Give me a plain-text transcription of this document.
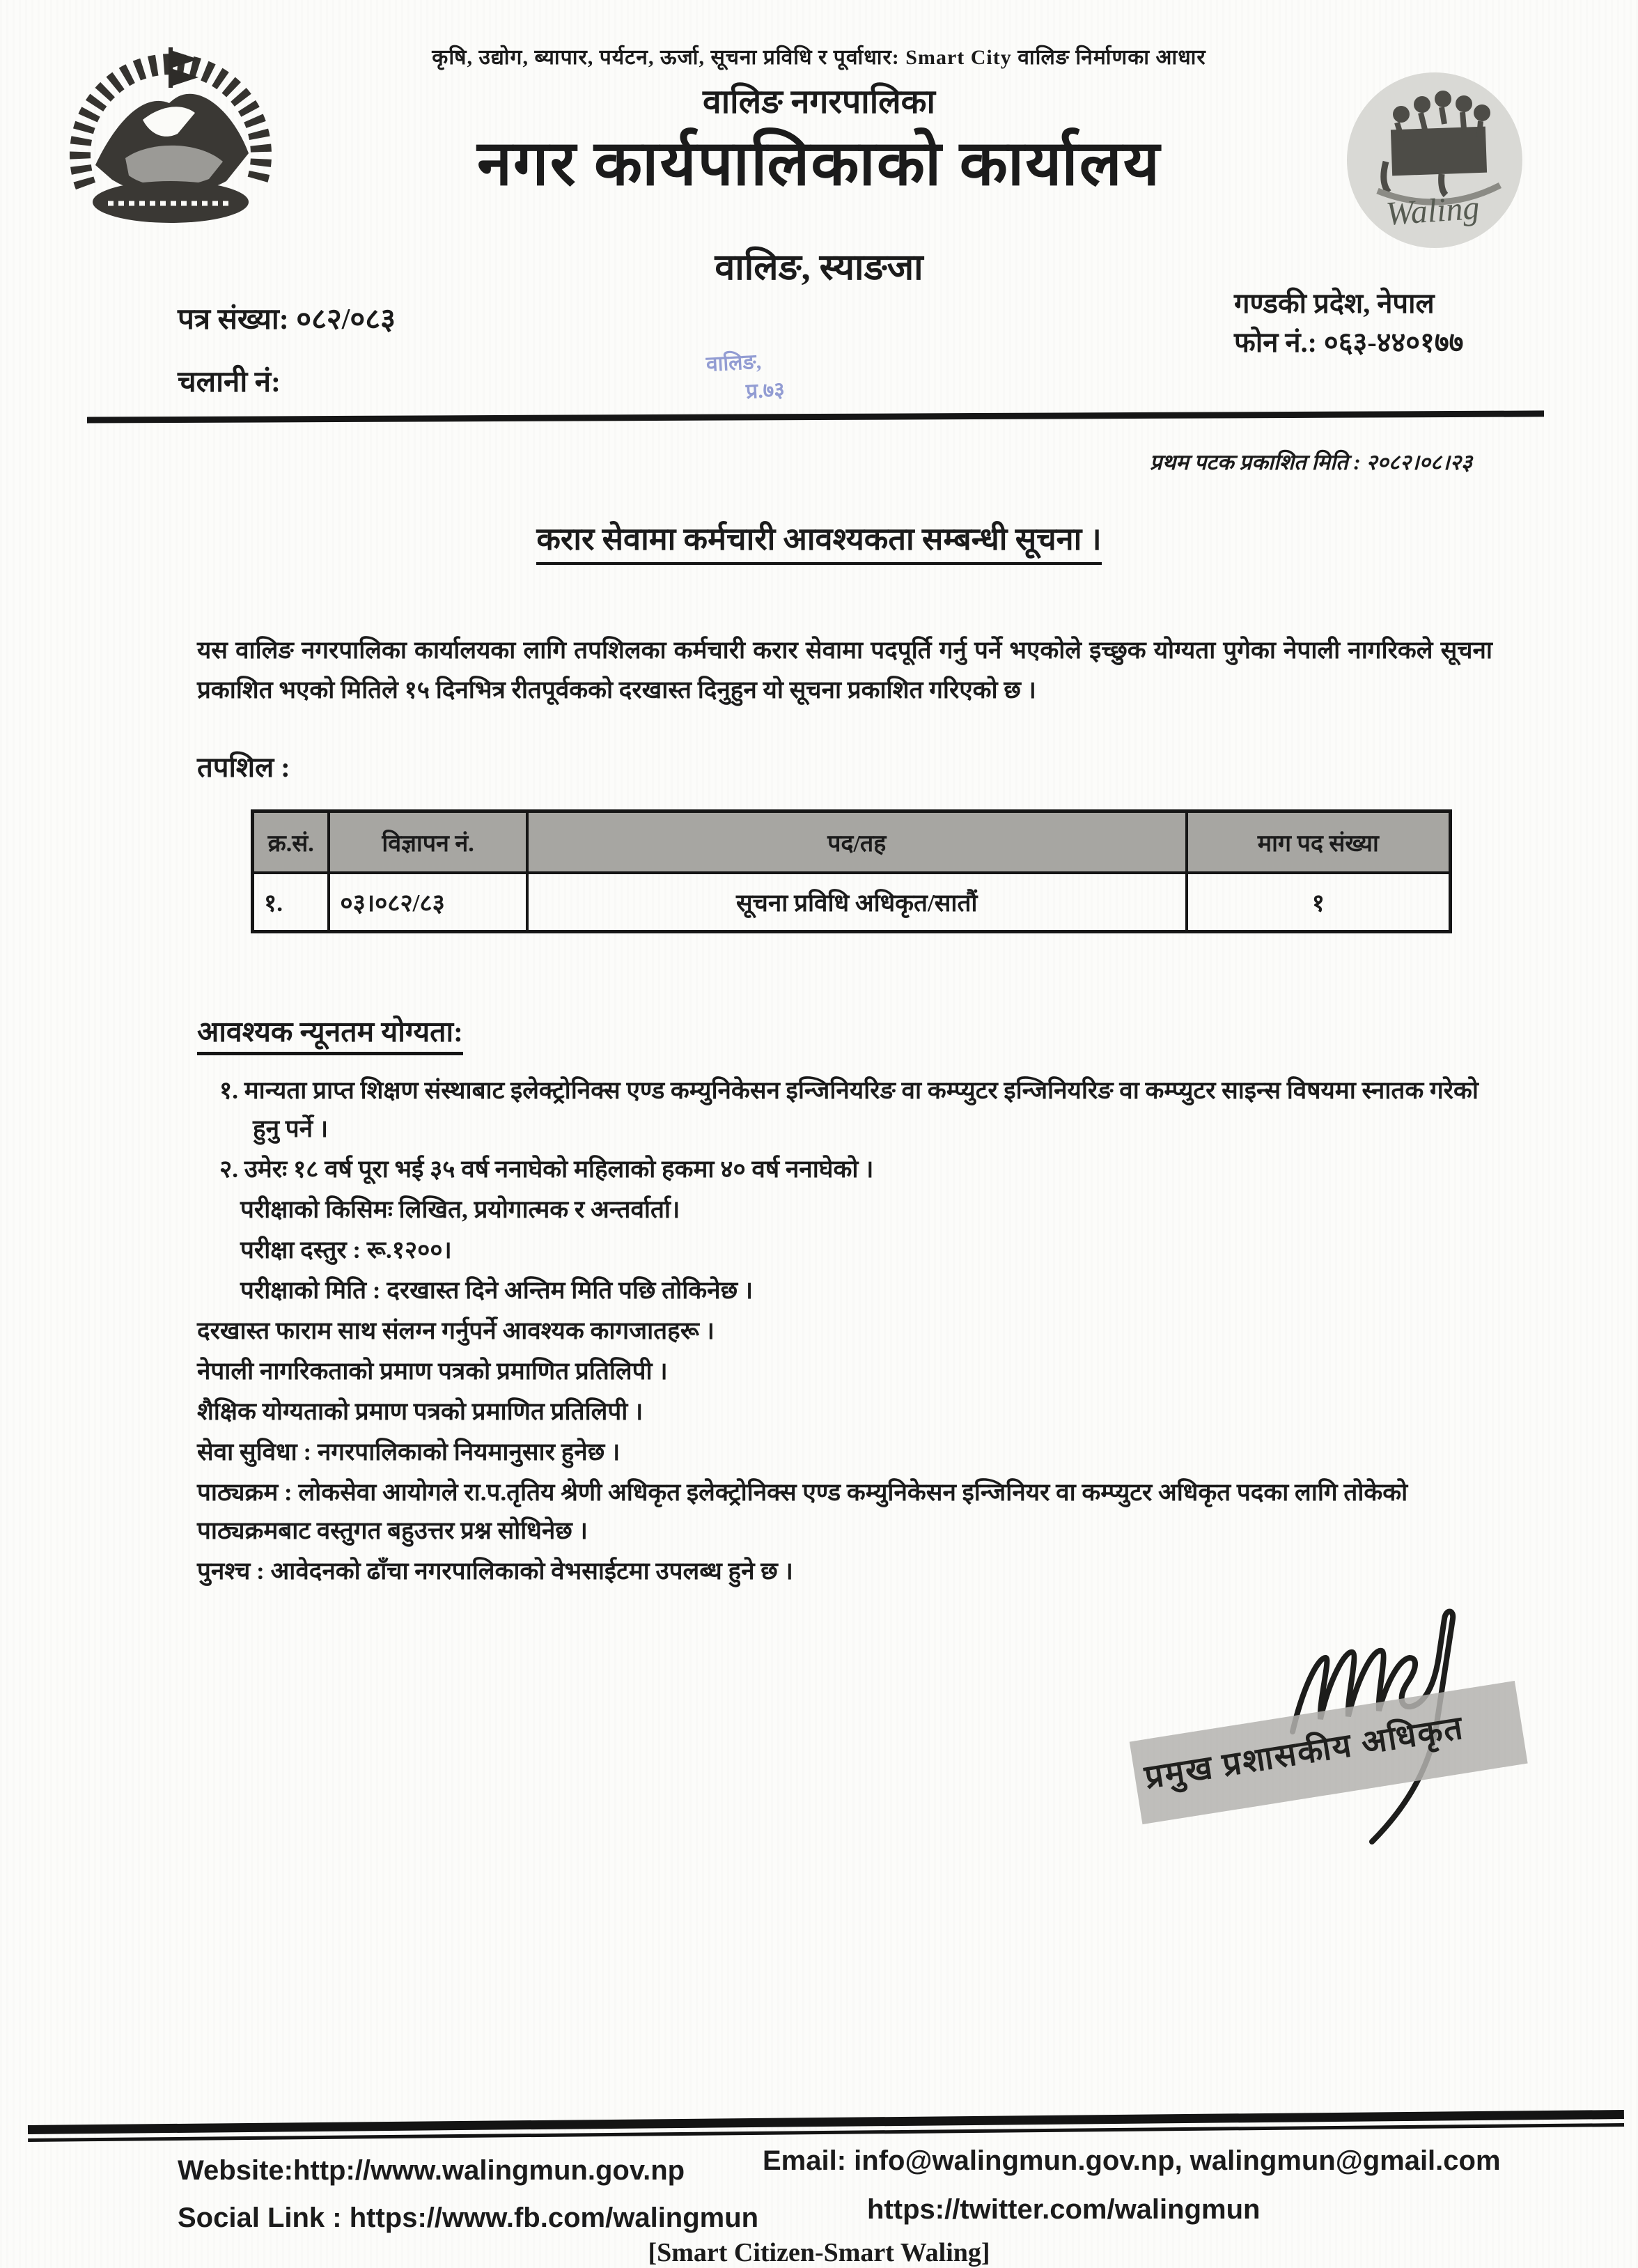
Waling
कृषि, उद्योग, ब्यापार, पर्यटन, ऊर्जा, सूचना प्रविधि र पूर्वाधार: Smart City वालिङ निर्माणका आधार
वालिङ नगरपालिका
नगर कार्यपालिकाको कार्यालय
वालिङ, स्याङजा
पत्र संख्या: ०८२/०८३
चलानी नं:
गण्डकी प्रदेश, नेपाल
फोन नं.: ०६३-४४०१७७
वालिङ,
प्र.७३
प्रथम पटक प्रकाशित मिति : २०८२।०८।२३
करार सेवामा कर्मचारी आवश्यकता सम्बन्धी सूचना ।
यस वालिङ नगरपालिका कार्यालयका लागि तपशिलका कर्मचारी करार सेवामा पदपूर्ति गर्नु पर्ने भएकोले इच्छुक योग्यता पुगेका नेपाली नागरिकले सूचना प्रकाशित भएको मितिले १५ दिनभित्र रीतपूर्वकको दरखास्त दिनुहुन यो सूचना प्रकाशित गरिएको छ ।
तपशिल :
क्र.सं.	विज्ञापन नं.	पद/तह	माग पद संख्या
१.	०३।०८२/८३	सूचना प्रविधि अधिकृत/सातौं	१
आवश्यक न्यूनतम योग्यता:
१. मान्यता प्राप्त शिक्षण संस्थाबाट इलेक्ट्रोनिक्स एण्ड कम्युनिकेसन इन्जिनियरिङ वा कम्प्युटर इन्जिनियरिङ वा कम्प्युटर साइन्स विषयमा स्नातक गरेको हुनु पर्ने ।
२. उमेरः १८ वर्ष पूरा भई ३५ वर्ष ननाघेको महिलाको हकमा ४० वर्ष ननाघेको ।
परीक्षाको किसिमः लिखित, प्रयोगात्मक र अन्तर्वार्ता।
परीक्षा दस्तुर : रू.१२००।
परीक्षाको मिति : दरखास्त दिने अन्तिम मिति पछि तोकिनेछ ।
दरखास्त फाराम साथ संलग्न गर्नुपर्ने आवश्यक कागजातहरू ।
नेपाली नागरिकताको प्रमाण पत्रको प्रमाणित प्रतिलिपी ।
शैक्षिक योग्यताको प्रमाण पत्रको प्रमाणित प्रतिलिपी ।
सेवा सुविधा : नगरपालिकाको नियमानुसार हुनेछ ।
पाठ्यक्रम : लोकसेवा आयोगले रा.प.तृतिय श्रेणी अधिकृत इलेक्ट्रोनिक्स एण्ड कम्युनिकेसन इन्जिनियर वा कम्प्युटर अधिकृत पदका लागि तोकेको पाठ्यक्रमबाट वस्तुगत बहुउत्तर प्रश्न सोधिनेछ ।
पुनश्च : आवेदनको ढाँचा नगरपालिकाको वेभसाईटमा उपलब्ध हुने छ ।
प्रमुख प्रशासकीय अधिकृत
Website:http://www.walingmun.gov.np	Email: info@walingmun.gov.np, walingmun@gmail.com
Social Link : https://www.fb.com/walingmun	https://twitter.com/walingmun
[Smart Citizen-Smart Waling]
